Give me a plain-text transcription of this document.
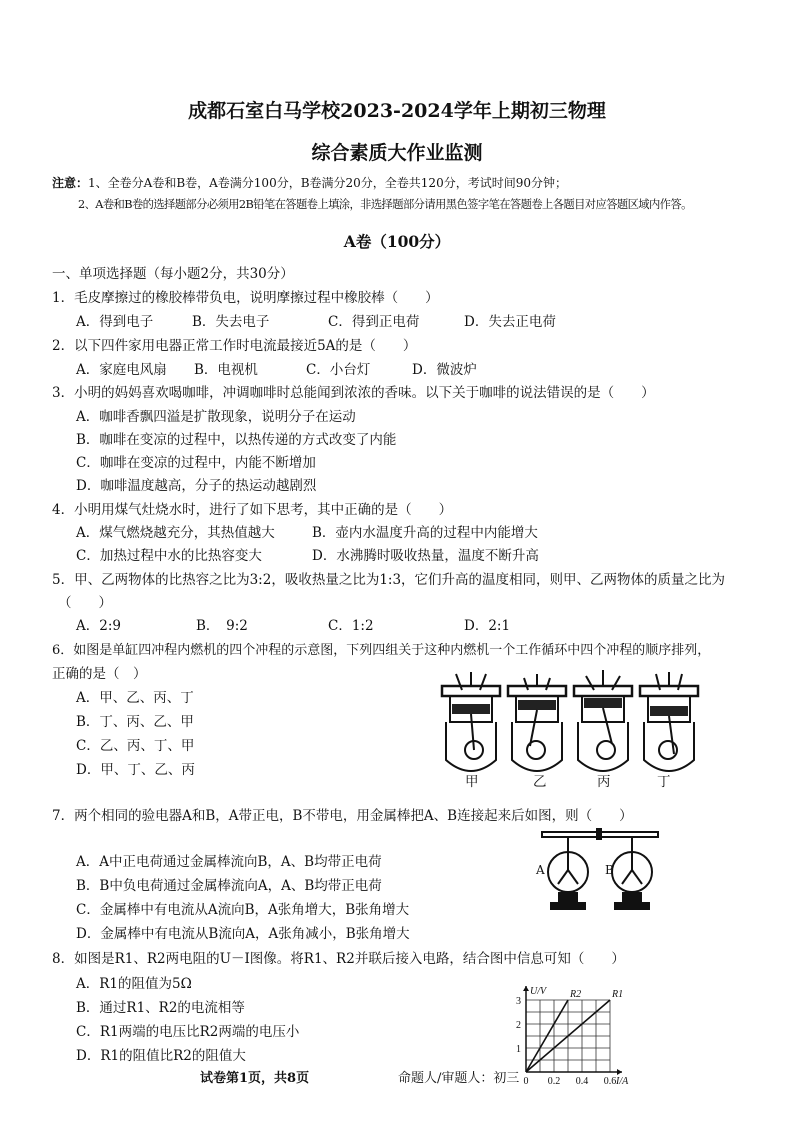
成都石室白马学校2023-2024学年上期初三物理
综合素质大作业监测
注意：1、全卷分A卷和B卷，A卷满分100分，B卷满分20分，全卷共120分，考试时间90分钟；
2、A卷和B卷的选择题部分必须用2B铅笔在答题卷上填涂，非选择题部分请用黑色签字笔在答题卷上各题目对应答题区域内作答。
A卷（100分）
一、单项选择题（每小题2分，共30分）
1．毛皮摩擦过的橡胶棒带负电，说明摩擦过程中橡胶棒（　　）
A．得到电子	B．失去电子	C．得到正电荷	D．失去正电荷
2．以下四件家用电器正常工作时电流最接近5A的是（　　）
A．家庭电风扇 B．电视机	C．小台灯	D．微波炉
3．小明的妈妈喜欢喝咖啡，冲调咖啡时总能闻到浓浓的香味。以下关于咖啡的说法错误的是（　　）
A．咖啡香飘四溢是扩散现象，说明分子在运动
B．咖啡在变凉的过程中，以热传递的方式改变了内能
C．咖啡在变凉的过程中，内能不断增加
D．咖啡温度越高，分子的热运动越剧烈
4．小明用煤气灶烧水时，进行了如下思考，其中正确的是（　　）
A．煤气燃烧越充分，其热值越大	B．壶内水温度升高的过程中内能增大
C．加热过程中水的比热容变大	D．水沸腾时吸收热量，温度不断升高
5．甲、乙两物体的比热容之比为3:2，吸收热量之比为1:3，它们升高的温度相同，则甲、乙两物体的质量之比为
（　　）
A．2:9	B．　9:2	C．1:2	D．2:1
6．如图是单缸四冲程内燃机的四个冲程的示意图，下列四组关于这种内燃机一个工作循环中四个冲程的顺序排列，
正确的是（　）
A．甲、乙、丙、丁
B．丁、丙、乙、甲
C．乙、丙、丁、甲
D．甲、丁、乙、丙
甲	乙	丙	丁
7．两个相同的验电器A和B，A带正电，B不带电，用金属棒把A、B连接起来后如图，则（　　）
A．A中正电荷通过金属棒流向B，A、B均带正电荷
B．B中负电荷通过金属棒流向A，A、B均带正电荷
C．金属棒中有电流从A流向B，A张角增大，B张角增大
D．金属棒中有电流从B流向A，A张角减小，B张角增大
A	B
8．如图是R1、R2两电阻的U－I图像。将R1、R2并联后接入电路，结合图中信息可知（　　）
A．R1的阻值为5Ω
B．通过R1、R2的电流相等
C．R1两端的电压比R2两端的电压小
D．R1的阻值比R2的阻值大
R2	R1
0 0.2 0.4 0.6
1
2
3
I/A
U/V
试卷第1页，共8页	命题人/审题人：初三
